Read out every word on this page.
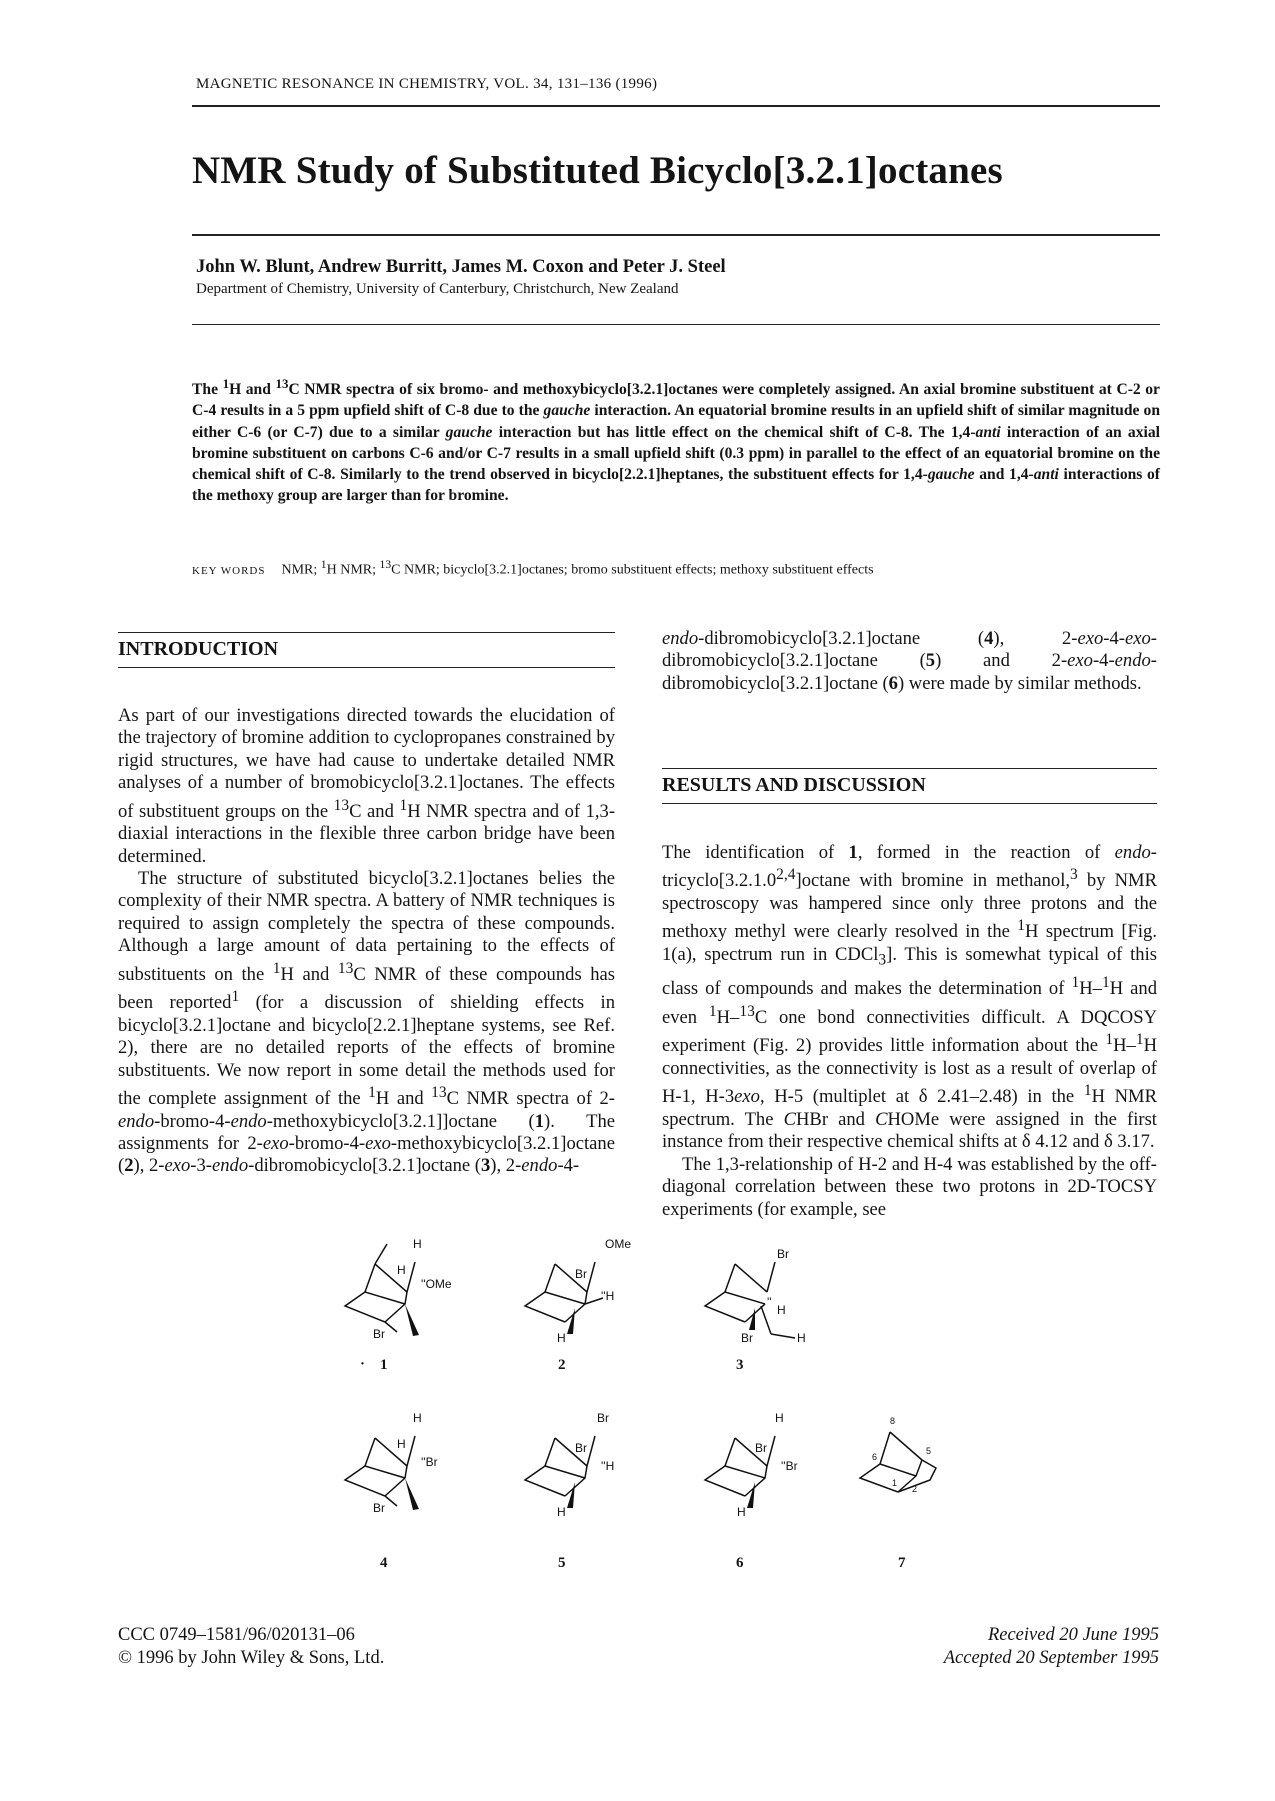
MAGNETIC RESONANCE IN CHEMISTRY, VOL. 34, 131–136 (1996)
NMR Study of Substituted Bicyclo[3.2.1]octanes
John W. Blunt, Andrew Burritt, James M. Coxon and Peter J. Steel
Department of Chemistry, University of Canterbury, Christchurch, New Zealand
The $^1$H and $^{13}$C NMR spectra of six bromo- and methoxybicyclo[3.2.1]octanes were completely assigned. An axial bromine substituent at C-2 or C-4 results in a 5 ppm upfield shift of C-8 due to the gauche interaction. An equatorial bromine results in an upfield shift of similar magnitude on either C-6 (or C-7) due to a similar gauche interaction but has little effect on the chemical shift of C-8. The 1,4-anti interaction of an axial bromine substituent on carbons C-6 and/or C-7 results in a small upfield shift (0.3 ppm) in parallel to the effect of an equatorial bromine on the chemical shift of C-8. Similarly to the trend observed in bicyclo[2.2.1]heptanes, the substituent effects for 1,4-gauche and 1,4-anti interactions of the methoxy group are larger than for bromine.
KEY WORDS NMR; $^1$H NMR; $^{13}$C NMR; bicyclo[3.2.1]octanes; bromo substituent effects; methoxy substituent effects
INTRODUCTION

As part of our investigations directed towards the elucidation of the trajectory of bromine addition to cyclopropanes constrained by rigid structures, we have had cause to undertake detailed NMR analyses of a number of bromobicyclo[3.2.1]octanes. The effects of substituent groups on the $^{13}$C and $^1$H NMR spectra and of 1,3-diaxial interactions in the flexible three carbon bridge have been determined.

The structure of substituted bicyclo[3.2.1]octanes belies the complexity of their NMR spectra. A battery of NMR techniques is required to assign completely the spectra of these compounds. Although a large amount of data pertaining to the effects of substituents on the $^1$H and $^{13}$C NMR of these compounds has been reported$^1$ (for a discussion of shielding effects in bicyclo[3.2.1]octane and bicyclo[2.2.1]heptane systems, see Ref. 2), there are no detailed reports of the effects of bromine substituents. We now report in some detail the methods used for the complete assignment of the $^1$H and $^{13}$C NMR spectra of 2-endo-bromo-4-endo-methoxybicyclo[3.2.1]]octane (1). The assignments for 2-exo-bromo-4-exo-methoxybicyclo[3.2.1]octane (2), 2-exo-3-endo-dibromobicyclo[3.2.1]octane (3), 2-endo-4-

endo-dibromobicyclo[3.2.1]octane (4), 2-exo-4-exo-dibromobicyclo[3.2.1]octane (5) and 2-exo-4-endo-dibromobicyclo[3.2.1]octane (6) were made by similar methods.
RESULTS AND DISCUSSION

The identification of 1, formed in the reaction of endo-tricyclo[3.2.1.0$^{2,4}$]octane with bromine in methanol,$^3$ by NMR spectroscopy was hampered since only three protons and the methoxy methyl were clearly resolved in the $^1$H spectrum [Fig. 1(a), spectrum run in CDCl$_3$]. This is somewhat typical of this class of compounds and makes the determination of $^1$H–$^1$H and even $^1$H–$^{13}$C one bond connectivities difficult. A DQCOSY experiment (Fig. 2) provides little information about the $^1$H–$^1$H connectivities, as the connectivity is lost as a result of overlap of H-1, H-3exo, H-5 (multiplet at δ 2.41–2.48) in the $^1$H NMR spectrum. The CHBr and CHOMe were assigned in the first instance from their respective chemical shifts at δ 4.12 and δ 3.17.

The 1,3-relationship of H-2 and H-4 was established by the off-diagonal correlation between these two protons in 2D-TOCSY experiments (for example, see

H
H
''OMe
Br
OMe
Br
''H
H
Br
''
H
H
Br
· 1	2	3
H
H
''Br
Br
Br
Br
''H
H
H
Br
''Br
H
8
6
5
1
2
4	5	6	7
CCC 0749–1581/96/020131–06
© 1996 by John Wiley & Sons, Ltd.
Received 20 June 1995
Accepted 20 September 1995
